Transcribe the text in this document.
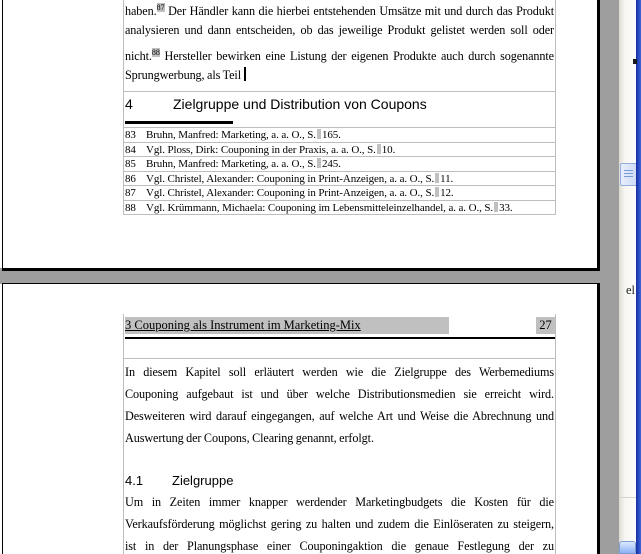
haben.$^{87}$ Der Händler kann die hierbei entstehenden Umsätze mit und durch das Produkt
analysieren und dann entscheiden, ob das jeweilige Produkt gelistet werden soll oder
nicht.$^{88}$ Hersteller bewirken eine Listung der eigenen Produkte auch durch sogenannte
Sprungwerbung, als Teil
4	Zielgruppe und Distribution von Coupons
83 Bruhn, Manfred: Marketing, a. a. O., S. 165.
84 Vgl. Ploss, Dirk: Couponing in der Praxis, a. a. O., S. 10.
85 Bruhn, Manfred: Marketing, a. a. O., S. 245.
86 Vgl. Christel, Alexander: Couponing in Print-Anzeigen, a. a. O., S. 11.
87 Vgl. Christel, Alexander: Couponing in Print-Anzeigen, a. a. O., S. 12.
88 Vgl. Krümmann, Michaela: Couponing im Lebensmitteleinzelhandel, a. a. O., S. 33.
3 Couponing als Instrument im Marketing-Mix	27
In diesem Kapitel soll erläutert werden wie die Zielgruppe des Werbemediums
Couponing aufgebaut ist und über welche Distributionsmedien sie erreicht wird.
Desweiteren wird darauf eingegangen, auf welche Art und Weise die Abrechnung und
Auswertung der Coupons, Clearing genannt, erfolgt.
4.1 Zielgruppe
Um in Zeiten immer knapper werdender Marketingbudgets die Kosten für die
Verkaufsförderung möglichst gering zu halten und zudem die Einlöseraten zu steigern,
ist in der Planungsphase einer Couponingaktion die genaue Festlegung der zu
el
